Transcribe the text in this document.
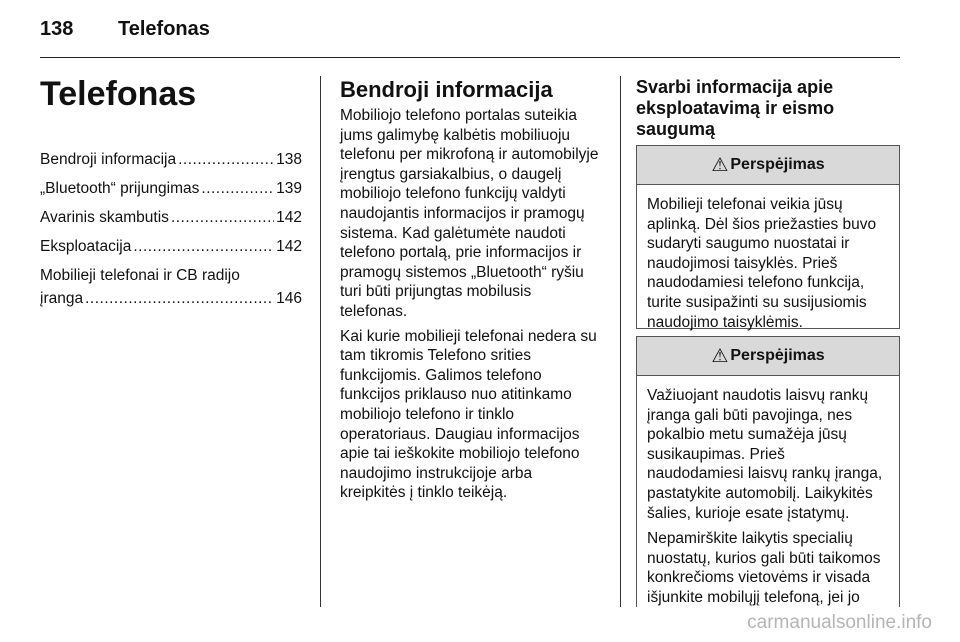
138 Telefonas
Telefonas
Bendroji informacija .....	138
„Bluetooth“ prijungimas .....	139
Avarinis skambutis .....	142
Eksploatacija .....	142
Mobilieji telefonai ir CB radijo
įranga .....	146
Bendroji informacija

Mobiliojo telefono portalas suteikia
jums galimybę kalbėtis mobiliuoju
telefonu per mikrofoną ir automobilyje
įrengtus garsiakalbius, o daugelį
mobiliojo telefono funkcijų valdyti
naudojantis informacijos ir pramogų
sistema. Kad galėtumėte naudoti
telefono portalą, prie informacijos ir
pramogų sistemos „Bluetooth“ ryšiu
turi būti prijungtas mobilusis
telefonas.

Kai kurie mobilieji telefonai nedera su
tam tikromis Telefono srities
funkcijomis. Galimos telefono
funkcijos priklauso nuo atitinkamo
mobiliojo telefono ir tinklo
operatoriaus. Daugiau informacijos
apie tai ieškokite mobiliojo telefono
naudojimo instrukcijoje arba
kreipkitės į tinklo teikėją.

Svarbi informacija apie
eksploatavimą ir eismo
saugumą
⚠ Perspėjimas

Mobilieji telefonai veikia jūsų
aplinką. Dėl šios priežasties buvo
sudaryti saugumo nuostatai ir
naudojimosi taisyklės. Prieš
naudodamiesi telefono funkcija,
turite susipažinti su susijusiomis
naudojimo taisyklėmis.

⚠ Perspėjimas

Važiuojant naudotis laisvų rankų
įranga gali būti pavojinga, nes
pokalbio metu sumažėja jūsų
susikaupimas. Prieš
naudodamiesi laisvų rankų įranga,
pastatykite automobilį. Laikykitės
šalies, kurioje esate įstatymų.

Nepamirškite laikytis specialių
nuostatų, kurios gali būti taikomos
konkrečioms vietovėms ir visada
išjunkite mobilųjį telefoną, jei jo

carmanualsonline.info
